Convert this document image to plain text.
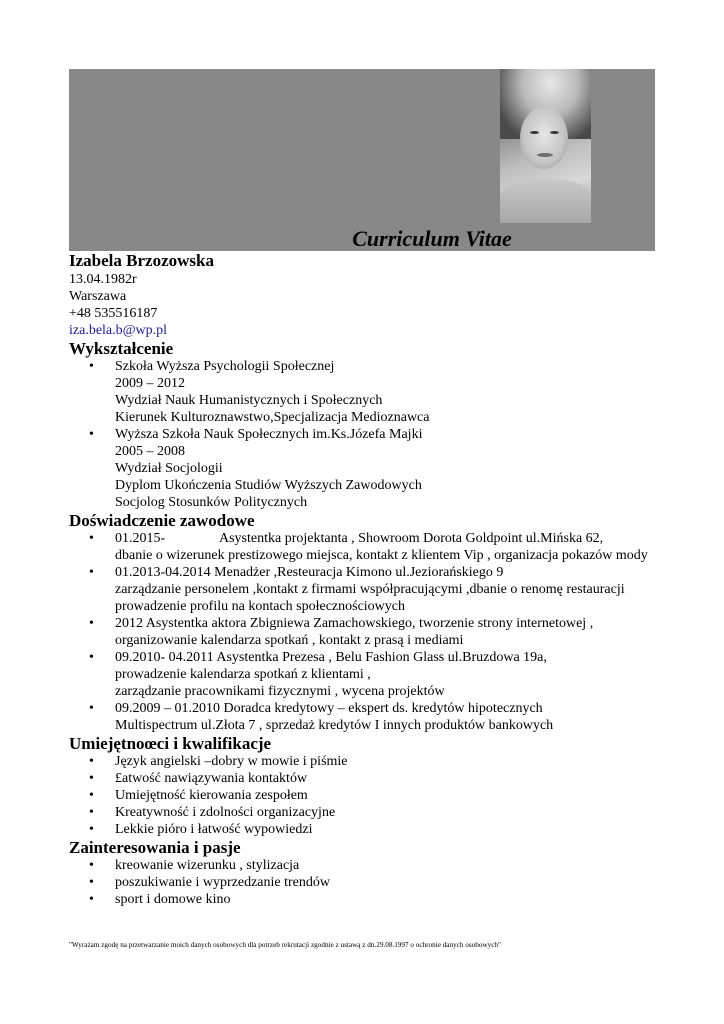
Curriculum Vitae
Izabela Brzozowska
13.04.1982r
Warszawa
+48 535516187
iza.bela.b@wp.pl
Wykształcenie
• Szkoła Wyższa Psychologii Społecznej
2009 – 2012
Wydział Nauk Humanistycznych i Społecznych
Kierunek Kulturoznawstwo,Specjalizacja Medioznawca
• Wyższa Szkoła Nauk Społecznych im.Ks.Józefa Majki
2005 – 2008
Wydział Socjologii
Dyplom Ukończenia Studiów Wyższych Zawodowych
Socjolog Stosunków Politycznych
Doświadczenie zawodowe
• 01.2015-	Asystentka projektanta , Showroom Dorota Goldpoint ul.Mińska 62,
dbanie o wizerunek prestizowego miejsca, kontakt z klientem Vip , organizacja pokazów mody
• 01.2013-04.2014 Menadżer ,Resteuracja Kimono ul.Jeziorańskiego 9
zarządzanie personelem ,kontakt z firmami współpracującymi ,dbanie o renomę restauracji
prowadzenie profilu na kontach społecznościowych
• 2012 Asystentka aktora Zbigniewa Zamachowskiego, tworzenie strony internetowej ,
organizowanie kalendarza spotkań , kontakt z prasą i mediami
• 09.2010- 04.2011 Asystentka Prezesa , Belu Fashion Glass ul.Bruzdowa 19a,
prowadzenie kalendarza spotkań z klientami ,
zarządzanie pracownikami fizycznymi , wycena projektów
• 09.2009 – 01.2010 Doradca kredytowy – ekspert ds. kredytów hipotecznych
Multispectrum ul.Złota 7 , sprzedaż kredytów I innych produktów bankowych
Umiejętnoœci i kwalifikacje
• Język angielski –dobry w mowie i piśmie
• £atwość nawiązywania kontaktów
• Umiejętność kierowania zespołem
• Kreatywność i zdolności organizacyjne
• Lekkie pióro i łatwość wypowiedzi
Zainteresowania i pasje
• kreowanie wizerunku , stylizacja
• poszukiwanie i wyprzedzanie trendów
• sport i domowe kino
"Wyrażam zgodę na przetwarzanie moich danych osobowych dla potrzeb rekrutacji zgodnie z ustawą z dn.29.08.1997 o ochronie danych osobowych"
